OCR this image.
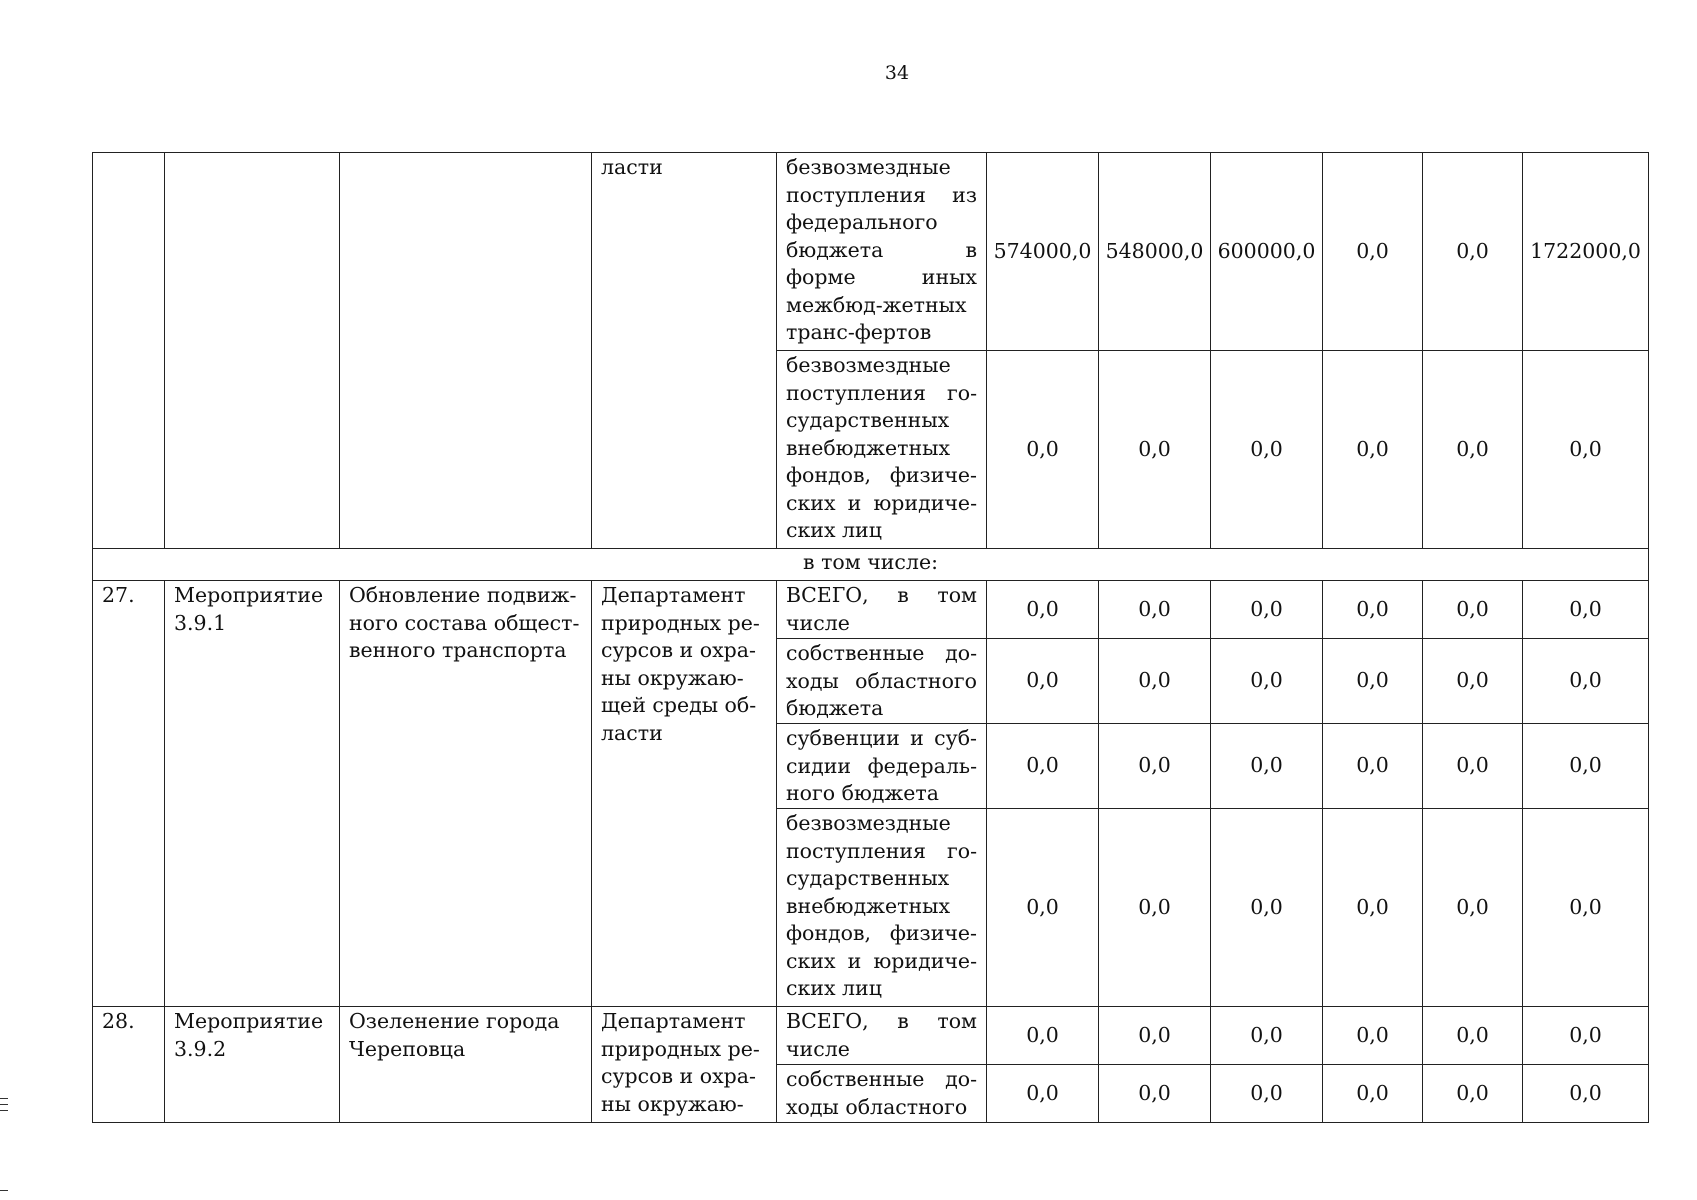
34
			ласти	безвозмездные поступления из федерального бюджета в форме иных межбюд-жетных транс-фертов	574000,0	548000,0	600000,0	0,0	0,0	1722000,0
				безвозмездные поступления го-сударственных внебюджетных фондов, физиче-ских и юридиче-ских лиц	0,0	0,0	0,0	0,0	0,0	0,0
в том числе:										
27.	Мероприятие 3.9.1	Обновление подвиж-ного состава общест-венного транспорта	Департамент природных ре-сурсов и охра-ны окружаю-щей среды об-ласти	ВСЕГО, в том числе	0,0	0,0	0,0	0,0	0,0	0,0
				собственные до-ходы областного бюджета	0,0	0,0	0,0	0,0	0,0	0,0
				субвенции и суб-сидии федераль-ного бюджета	0,0	0,0	0,0	0,0	0,0	0,0
				безвозмездные поступления го-сударственных внебюджетных фондов, физиче-ских и юридиче-ских лиц	0,0	0,0	0,0	0,0	0,0	0,0
28.	Мероприятие 3.9.2	Озеленение города Череповца	Департамент природных ре-сурсов и охра-ны окружаю-	ВСЕГО, в том числе	0,0	0,0	0,0	0,0	0,0	0,0
				собственные до-ходы областного	0,0	0,0	0,0	0,0	0,0	0,0
